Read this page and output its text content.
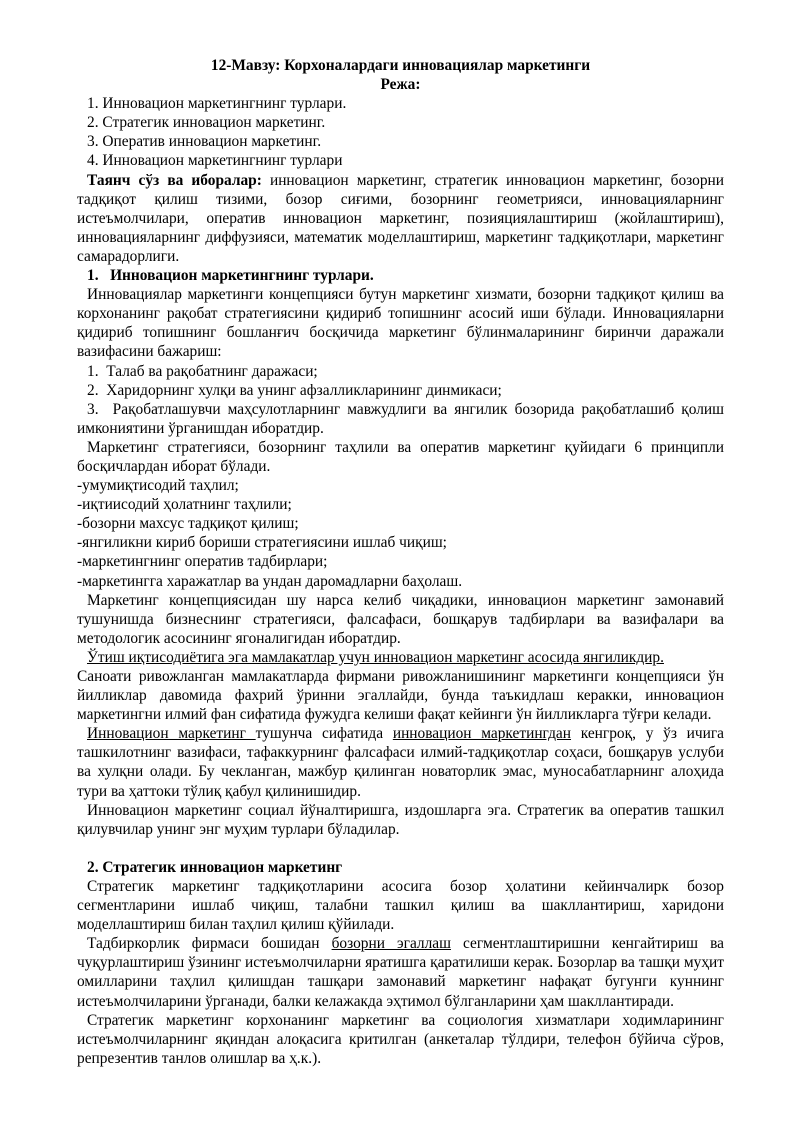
12-Мавзу: Корхоналардаги инновациялар маркетинги

Режа:

1. Инновацион маркетингнинг турлари.

2. Стратегик инновацион маркетинг.

3. Оператив инновацион маркетинг.

4. Инновацион маркетингнинг турлари

Таянч сўз ва иборалар: инновацион маркетинг, стратегик инновацион маркетинг, бозорни тадқиқот қилиш тизими, бозор сиғими, бозорнинг геометрияси, инновацияларнинг истеъмолчилари, оператив инновацион маркетинг, позияциялаштириш (жойлаштириш), инновацияларнинг диффузияси, математик моделлаштириш, маркетинг тадқиқотлари, маркетинг самарадорлиги.

1.   Инновацион маркетингнинг турлари.

Инновациялар маркетинги концепцияси бутун маркетинг хизмати, бозорни тадқиқот қилиш ва корхонанинг рақобат стратегиясини қидириб топишнинг асосий иши бўлади. Инновацияларни қидириб топишнинг бошланғич босқичида маркетинг бўлинмаларининг биринчи даражали вазифасини бажариш:

1.  Талаб ва рақобатнинг даражаси;

2.  Харидорнинг хулқи ва унинг афзалликларининг динмикаси;

3.  Рақобатлашувчи маҳсулотларнинг мавжудлиги ва янгилик бозорида рақобатлашиб қолиш имкониятини ўрганишдан иборатдир.

Маркетинг стратегияси, бозорнинг таҳлили ва оператив маркетинг қуйидаги 6 принципли босқичлардан иборат бўлади.

-умумиқтисодий таҳлил;

-иқтиисодий ҳолатнинг таҳлили;

-бозорни махсус тадқиқот қилиш;

-янгиликни кириб бориши стратегиясини ишлаб чиқиш;

-маркетингнинг оператив тадбирлари;

-маркетингга харажатлар ва ундан даромадларни баҳолаш.

Маркетинг концепциясидан шу нарса келиб чиқадики, инновацион маркетинг замонавий тушунишда бизнеснинг стратегияси, фалсафаси, бошқарув тадбирлари ва вазифалари ва методологик асосининг ягоналигидан иборатдир.

Ўтиш иқтисодиётига эга мамлакатлар учун инновацион маркетинг асосида янгиликдир.

Саноати ривожланган мамлакатларда фирмани ривожланишининг маркетинги концепцияси ўн йилликлар давомида фахрий ўринни эгаллайди, бунда таъкидлаш керакки, инновацион маркетингни илмий фан сифатида фужудга келиши фақат кейинги ўн йилликларга тўғри келади.

Инновацион маркетинг тушунча сифатида инновацион маркетингдан кенгроқ, у ўз ичига ташкилотнинг вазифаси, тафаккурнинг фалсафаси илмий-тадқиқотлар соҳаси, бошқарув услуби ва хулқни олади. Бу чекланган, мажбур қилинган новаторлик эмас, муносабатларнинг алоҳида тури ва ҳаттоки тўлиқ қабул қилинишидир.

Инновацион маркетинг социал йўналтиришга, издошларга эга. Стратегик ва оператив ташкил қилувчилар унинг энг муҳим турлари бўладилар.

2. Стратегик инновацион маркетинг

Стратегик маркетинг тадқиқотларини асосига бозор ҳолатини кейинчалирк бозор сегментларини ишлаб чиқиш, талабни ташкил қилиш ва шакллантириш, харидони моделлаштириш билан таҳлил қилиш қўйилади.

Тадбиркорлик фирмаси бошидан бозорни эгаллаш сегментлаштиришни кенгайтириш ва чуқурлаштириш ўзининг истеъмолчиларни яратишга қаратилиши керак. Бозорлар ва ташқи муҳит омилларини таҳлил қилишдан ташқари замонавий маркетинг нафақат бугунги куннинг истеъмолчиларини ўрганади, балки келажакда эҳтимол бўлганларини ҳам шакллантиради.

Стратегик маркетинг корхонанинг маркетинг ва социология хизматлари ходимларининг истеъмолчиларнинг яқиндан алоқасига критилган (анкеталар тўлдири, телефон бўйича сўров, репрезентив танлов олишлар ва ҳ.к.).
